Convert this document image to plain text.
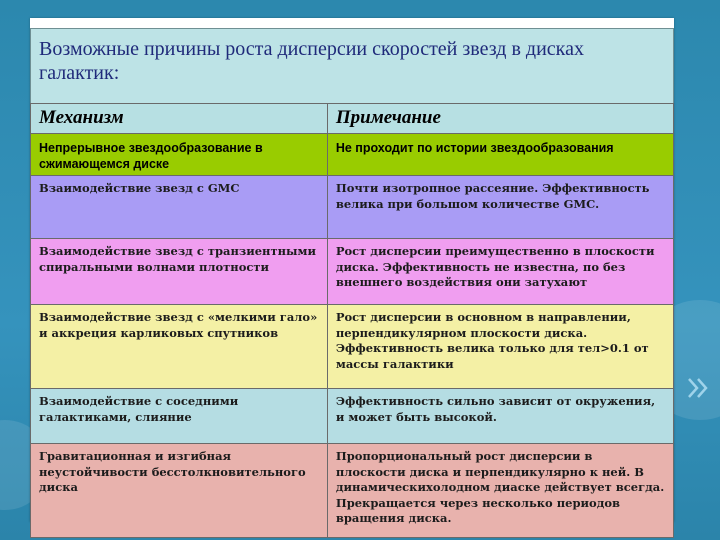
Возможные причины роста дисперсии скоростей звезд в дисках галактик:
Механизм	Примечание
Непрерывное звездообразование в сжимающемся диске	Не проходит по истории звездообразования
Взаимодействие звезд с GMC	Почти изотропное рассеяние. Эффективность велика при большом количестве GMC.
Взаимодействие звезд с транзиентными спиральными волнами плотности	Рост дисперсии преимущественно в плоскости диска. Эффективность не известна, по без внешнего воздействия они затухают
Взаимодействие звезд с «мелкими гало» и аккреция карликовых спутников	Рост дисперсии в основном в направлении, перпендикулярном плоскости диска. Эффективность велика только для тел>0.1 от массы галактики
Взаимодействие с соседними галактиками, слияние	Эффективность сильно зависит от окружения, и может быть высокой.
Гравитационная и изгибная неустойчивости бесстолкновительного диска	Пропорциональный рост дисперсии в плоскости диска и перпендикулярно к ней. В динамическихолодном диаске действует всегда. Прекращается через несколько периодов вращения диска.
